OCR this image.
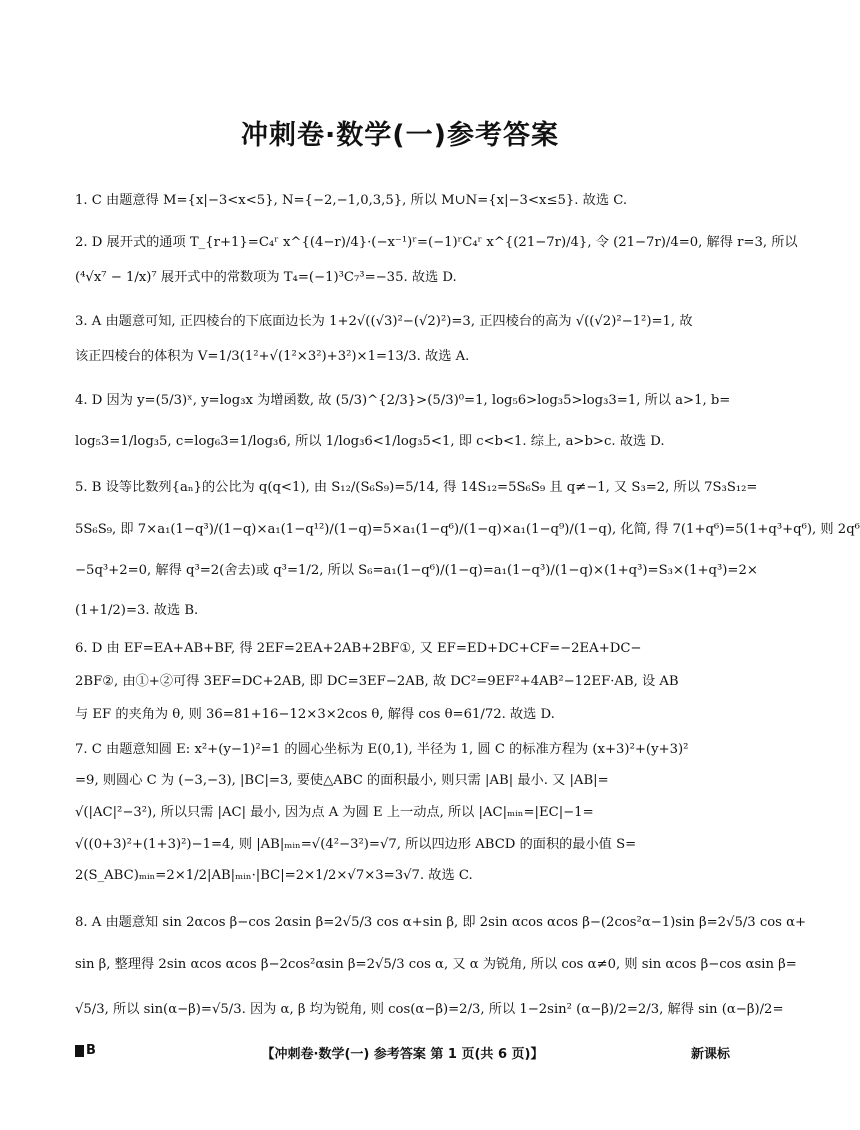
冲刺卷·数学(一)参考答案
1. C 由题意得 M={x|−3<x<5}, N={−2,−1,0,3,5}, 所以 M∪N={x|−3<x≤5}. 故选 C.
2. D 展开式的通项 T_{r+1}=C₄ʳ x^{(4−r)/4}·(−x⁻¹)ʳ=(−1)ʳC₄ʳ x^{(21−7r)/4}, 令 (21−7r)/4=0, 解得 r=3, 所以
(⁴√x⁷ − 1/x)⁷ 展开式中的常数项为 T₄=(−1)³C₇³=−35. 故选 D.
3. A 由题意可知, 正四棱台的下底面边长为 1+2√((√3)²−(√2)²)=3, 正四棱台的高为 √((√2)²−1²)=1, 故
该正四棱台的体积为 V=1/3(1²+√(1²×3²)+3²)×1=13/3. 故选 A.
4. D 因为 y=(5/3)ˣ, y=log₃x 为增函数, 故 (5/3)^{2/3}>(5/3)⁰=1, log₅6>log₃5>log₃3=1, 所以 a>1, b=
log₅3=1/log₃5, c=log₆3=1/log₃6, 所以 1/log₃6<1/log₃5<1, 即 c<b<1. 综上, a>b>c. 故选 D.
5. B 设等比数列{aₙ}的公比为 q(q<1), 由 S₁₂/(S₆S₉)=5/14, 得 14S₁₂=5S₆S₉ 且 q≠−1, 又 S₃=2, 所以 7S₃S₁₂=
5S₆S₉, 即 7×a₁(1−q³)/(1−q)×a₁(1−q¹²)/(1−q)=5×a₁(1−q⁶)/(1−q)×a₁(1−q⁹)/(1−q), 化简, 得 7(1+q⁶)=5(1+q³+q⁶), 则 2q⁶
−5q³+2=0, 解得 q³=2(舍去)或 q³=1/2, 所以 S₆=a₁(1−q⁶)/(1−q)=a₁(1−q³)/(1−q)×(1+q³)=S₃×(1+q³)=2×
(1+1/2)=3. 故选 B.
6. D 由 EF=EA+AB+BF, 得 2EF=2EA+2AB+2BF①, 又 EF=ED+DC+CF=−2EA+DC−
2BF②, 由①+②可得 3EF=DC+2AB, 即 DC=3EF−2AB, 故 DC²=9EF²+4AB²−12EF·AB, 设 AB
与 EF 的夹角为 θ, 则 36=81+16−12×3×2cos θ, 解得 cos θ=61/72. 故选 D.
7. C 由题意知圆 E: x²+(y−1)²=1 的圆心坐标为 E(0,1), 半径为 1, 圆 C 的标准方程为 (x+3)²+(y+3)²
=9, 则圆心 C 为 (−3,−3), |BC|=3, 要使△ABC 的面积最小, 则只需 |AB| 最小. 又 |AB|=
√(|AC|²−3²), 所以只需 |AC| 最小, 因为点 A 为圆 E 上一动点, 所以 |AC|ₘᵢₙ=|EC|−1=
√((0+3)²+(1+3)²)−1=4, 则 |AB|ₘᵢₙ=√(4²−3²)=√7, 所以四边形 ABCD 的面积的最小值 S=
2(S_ABC)ₘᵢₙ=2×1/2|AB|ₘᵢₙ·|BC|=2×1/2×√7×3=3√7. 故选 C.
8. A 由题意知 sin 2αcos β−cos 2αsin β=2√5/3 cos α+sin β, 即 2sin αcos αcos β−(2cos²α−1)sin β=2√5/3 cos α+
sin β, 整理得 2sin αcos αcos β−2cos²αsin β=2√5/3 cos α, 又 α 为锐角, 所以 cos α≠0, 则 sin αcos β−cos αsin β=
√5/3, 所以 sin(α−β)=√5/3. 因为 α, β 均为锐角, 则 cos(α−β)=2/3, 所以 1−2sin² (α−β)/2=2/3, 解得 sin (α−β)/2=
B	【冲刺卷·数学(一) 参考答案 第 1 页(共 6 页)】	新课标
